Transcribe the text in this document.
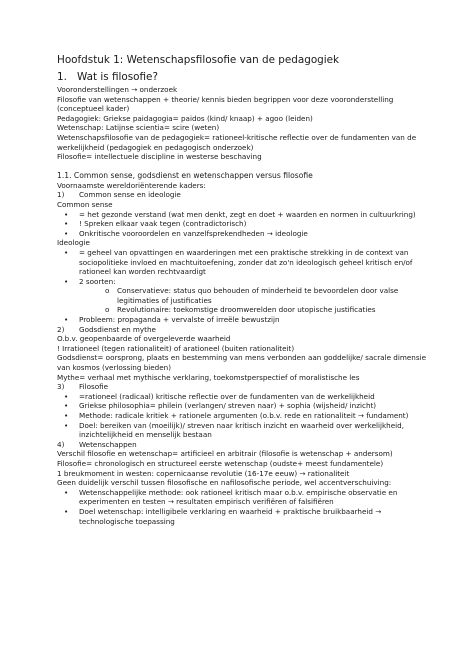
Hoofdstuk 1: Wetenschapsfilosofie van de pedagogiek
1. Wat is filosofie?

Vooronderstellingen → onderzoek

Filosofie van wetenschappen + theorie/ kennis bieden begrippen voor deze vooronderstelling (conceptueel kader)

Pedagogiek: Griekse paidagogia= paidos (kind/ knaap) + agoo (leiden)

Wetenschap: Latijnse scientia= scire (weten)

Wetenschapsfilosofie van de pedagogiek= rationeel-kritische reflectie over de fundamenten van de werkelijkheid (pedagogiek en pedagogisch onderzoek)

Filosofie= intellectuele discipline in westerse beschaving

1.1. Common sense, godsdienst en wetenschappen versus filosofie

Voornaamste wereldoriënterende kaders:

1) Common sense en ideologie

Common sense

• = het gezonde verstand (wat men denkt, zegt en doet + waarden en normen in cultuurkring)
• ! Spreken elkaar vaak tegen (contradictorisch)
• Onkritische vooroordelen en vanzelfsprekendheden → ideologie

Ideologie

• = geheel van opvattingen en waarderingen met een praktische strekking in de context van sociopolitieke invloed en machtuitoefening, zonder dat zo'n ideologisch geheel kritisch en/of rationeel kan worden rechtvaardigt
• 2 soorten:
o Conservatieve: status quo behouden of minderheid te bevoordelen door valse legitimaties of justificaties
o Revolutionaire: toekomstige droomwerelden door utopische justificaties
• Probleem: propaganda + vervalste of irreële bewustzijn
2) Godsdienst en mythe

O.b.v. geopenbaarde of overgeleverde waarheid

! Irrationeel (tegen rationaliteit) of arationeel (buiten rationaliteit)

Godsdienst= oorsprong, plaats en bestemming van mens verbonden aan goddelijke/ sacrale dimensie van kosmos (verlossing bieden)

Mythe= verhaal met mythische verklaring, toekomstperspectief of moralistische les

3) Filosofie
• =rationeel (radicaal) kritische reflectie over de fundamenten van de werkelijkheid
• Griekse philosophia= philein (verlangen/ streven naar) + sophia (wijsheid/ inzicht)
• Methode: radicale kritiek + rationele argumenten (o.b.v. rede en rationaliteit → fundament)
• Doel: bereiken van (moeilijk)/ streven naar kritisch inzicht en waarheid over werkelijkheid, inzichtelijkheid en menselijk bestaan
4) Wetenschappen

Verschil filosofie en wetenschap= artificieel en arbitrair (filosofie is wetenschap + andersom)

Filosofie= chronologisch en structureel eerste wetenschap (oudste+ meest fundamentele)

1 breukmoment in westen: copernicaanse revolutie (16-17e eeuw) → rationaliteit

Geen duidelijk verschil tussen filosofische en nafilosofische periode, wel accentverschuiving:

• Wetenschappelijke methode: ook rationeel kritisch maar o.b.v. empirische observatie en experimenten en testen → resultaten empirisch verifiëren of falsifiëren
• Doel wetenschap: intelligibele verklaring en waarheid + praktische bruikbaarheid → technologische toepassing
